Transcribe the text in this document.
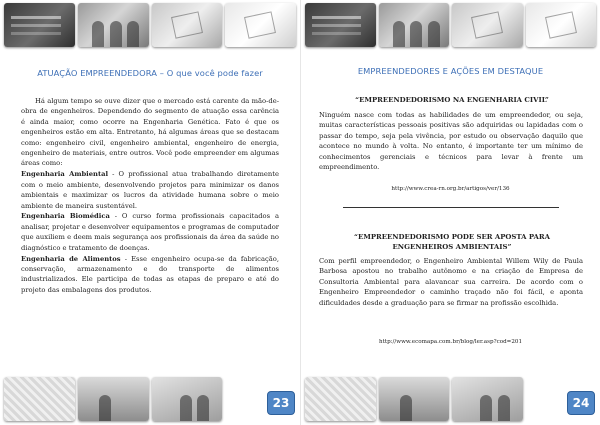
ATUAÇÃO EMPREENDEDORA – O que você pode fazer

Há algum tempo se ouve dizer que o mercado está carente da mão-de-obra de engenheiros. Dependendo do segmento de atuação essa carência é ainda maior, como ocorre na Engenharia Genética. Fato é que os engenheiros estão em alta. Entretanto, há algumas áreas que se destacam como: engenheiro civil, engenheiro ambiental, engenheiro de energia, engenheiro de materiais, entre outros. Você pode empreender em algumas áreas como:

Engenharia Ambiental - O profissional atua trabalhando diretamente com o meio ambiente, desenvolvendo projetos para minimizar os danos ambientais e maximizar os lucros da atividade humana sobre o meio ambiente de maneira sustentável.

Engenharia Biomédica - O curso forma profissionais capacitados a analisar, projetar e desenvolver equipamentos e programas de computador que auxiliem e deem mais segurança aos profissionais da área da saúde no diagnóstico e tratamento de doenças.

Engenharia de Alimentos - Esse engenheiro ocupa-se da fabricação, conservação, armazenamento e do transporte de alimentos industrializados. Ele participa de todas as etapas de preparo e até do projeto das embalagens dos produtos.

23
EMPREENDEDORES E AÇÕES EM DESTAQUE
“EMPREENDEDORISMO NA ENGENHARIA CIVIL”
Ninguém nasce com todas as habilidades de um empreendedor, ou seja, muitas características pessoais positivas são adquiridas ou lapidadas com o passar do tempo, seja pela vivência, por estudo ou observação daquilo que acontece no mundo à volta. No entanto, é importante ter um mínimo de conhecimentos gerenciais e técnicos para levar à frente um empreendimento.
http://www.crea-rn.org.br/artigos/ver/136
“EMPREENDEDORISMO PODE SER APOSTA PARA ENGENHEIROS AMBIENTAIS”
Com perfil empreendedor, o Engenheiro Ambiental Willem Wily de Paula Barbosa apostou no trabalho autônomo e na criação de Empresa de Consultoria Ambiental para alavancar sua carreira. De acordo com o Engenheiro Empreendedor o caminho traçado não foi fácil, e aponta dificuldades desde a graduação para se firmar na profissão escolhida.
http://www.ecomapa.com.br/blog/ler.asp?cod=201
24
